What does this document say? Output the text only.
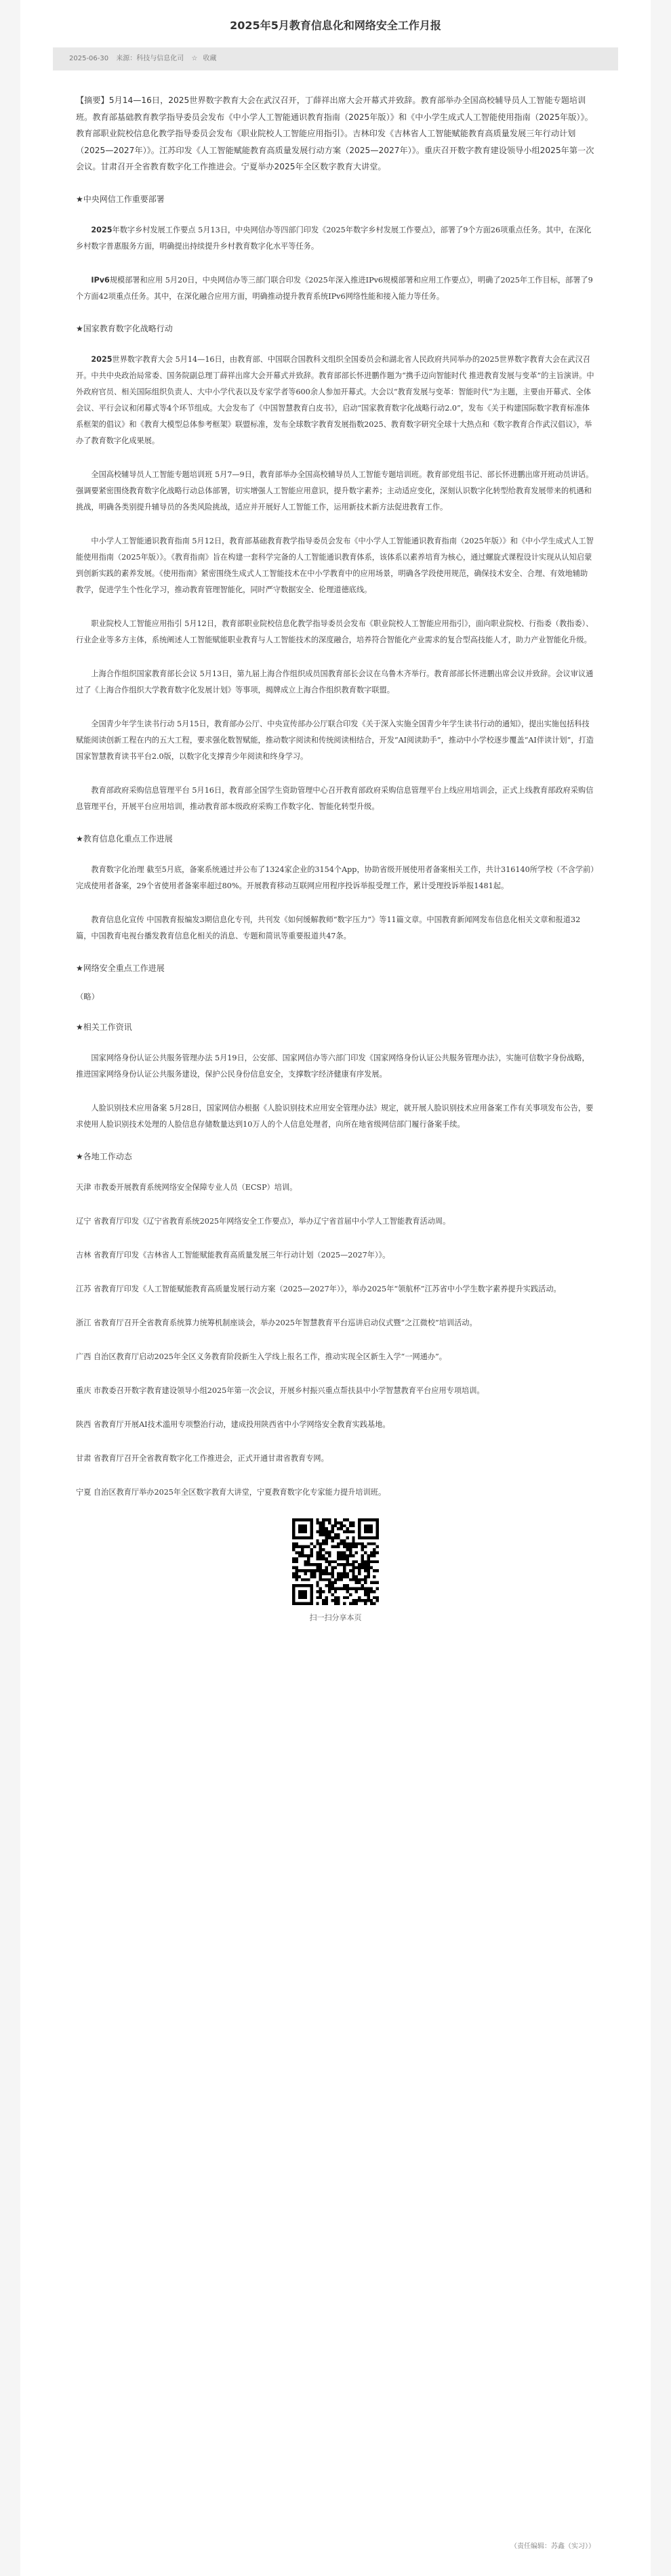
2025年5月教育信息化和网络安全工作月报
2025-06-30 来源：科技与信息化司 ☆ 收藏
【摘要】5月14—16日，2025世界数字教育大会在武汉召开，丁薛祥出席大会开幕式并致辞。教育部举办全国高校辅导员人工智能专题培训班。教育部基础教育教学指导委员会发布《中小学人工智能通识教育指南（2025年版）》和《中小学生成式人工智能使用指南（2025年版）》。教育部职业院校信息化教学指导委员会发布《职业院校人工智能应用指引》。吉林印发《吉林省人工智能赋能教育高质量发展三年行动计划（2025—2027年）》。江苏印发《人工智能赋能教育高质量发展行动方案（2025—2027年）》。重庆召开数字教育建设领导小组2025年第一次会议。甘肃召开全省教育数字化工作推进会。宁夏举办2025年全区数字教育大讲堂。
★中央网信工作重要部署

2025年数字乡村发展工作要点 5月13日，中央网信办等四部门印发《2025年数字乡村发展工作要点》，部署了9个方面26项重点任务。其中，在深化乡村数字普惠服务方面，明确提出持续提升乡村教育数字化水平等任务。

IPv6规模部署和应用 5月20日，中央网信办等三部门联合印发《2025年深入推进IPv6规模部署和应用工作要点》，明确了2025年工作目标，部署了9个方面42项重点任务。其中，在深化融合应用方面，明确推动提升教育系统IPv6网络性能和接入能力等任务。

★国家教育数字化战略行动

2025世界数字教育大会 5月14—16日，由教育部、中国联合国教科文组织全国委员会和湖北省人民政府共同举办的2025世界数字教育大会在武汉召开。中共中央政治局常委、国务院副总理丁薛祥出席大会开幕式并致辞。教育部部长怀进鹏作题为“携手迈向智能时代 推进教育发展与变革”的主旨演讲。中外政府官员、相关国际组织负责人、大中小学代表以及专家学者等600余人参加开幕式。大会以“教育发展与变革：智能时代”为主题，主要由开幕式、全体会议、平行会议和闭幕式等4个环节组成。大会发布了《中国智慧教育白皮书》，启动“国家教育数字化战略行动2.0”，发布《关于构建国际数字教育标准体系框架的倡议》和《教育大模型总体参考框架》联盟标准，发布全球数字教育发展指数2025、教育数字研究全球十大热点和《数字教育合作武汉倡议》，举办了教育数字化成果展。

全国高校辅导员人工智能专题培训班 5月7—9日，教育部举办全国高校辅导员人工智能专题培训班。教育部党组书记、部长怀进鹏出席开班动员讲话。强调要紧密围绕教育数字化战略行动总体部署，切实增强人工智能应用意识，提升数字素养；主动适应变化，深刻认识数字化转型给教育发展带来的机遇和挑战，明确各类别提升辅导员的各类风险挑战，适应并开展好人工智能工作，运用新技术新方法促进教育工作。

中小学人工智能通识教育指南 5月12日，教育部基础教育教学指导委员会发布《中小学人工智能通识教育指南（2025年版）》和《中小学生成式人工智能使用指南（2025年版）》。《教育指南》旨在构建一套科学完备的人工智能通识教育体系，该体系以素养培育为核心，通过螺旋式课程设计实现从认知启蒙到创新实践的素养发展。《使用指南》紧密围绕生成式人工智能技术在中小学教育中的应用场景，明确各学段使用规范，确保技术安全、合理、有效地辅助教学，促进学生个性化学习，推动教育管理智能化，同时严守数据安全、伦理道德底线。

职业院校人工智能应用指引 5月12日，教育部职业院校信息化教学指导委员会发布《职业院校人工智能应用指引》，面向职业院校、行指委（教指委）、行业企业等多方主体，系统阐述人工智能赋能职业教育与人工智能技术的深度融合，培养符合智能化产业需求的复合型高技能人才，助力产业智能化升级。

上海合作组织国家教育部长会议 5月13日，第九届上海合作组织成员国教育部长会议在乌鲁木齐举行。教育部部长怀进鹏出席会议并致辞。会议审议通过了《上海合作组织大学教育数字化发展计划》等事项，揭牌成立上海合作组织教育数字联盟。

全国青少年学生读书行动 5月15日，教育部办公厅、中央宣传部办公厅联合印发《关于深入实施全国青少年学生读书行动的通知》，提出实施包括科技赋能阅读创新工程在内的五大工程，要求强化数智赋能，推动数字阅读和传统阅读相结合，开发“AI阅读助手”，推动中小学校逐步覆盖“AI伴读计划”，打造国家智慧教育读书平台2.0版，以数字化支撑青少年阅读和终身学习。

教育部政府采购信息管理平台 5月16日，教育部全国学生资助管理中心召开教育部政府采购信息管理平台上线应用培训会，正式上线教育部政府采购信息管理平台，开展平台应用培训，推动教育部本级政府采购工作数字化、智能化转型升级。

★教育信息化重点工作进展

教育数字化治理 截至5月底，备案系统通过并公布了1324家企业的3154个App，协助省级开展使用者备案相关工作，共计316140所学校（不含学前）完成使用者备案，29个省使用者备案率超过80%。开展教育移动互联网应用程序投诉举报受理工作，累计受理投诉举报1481起。

教育信息化宣传 中国教育报编发3期信息化专刊，共刊发《如何缓解教师“数字压力”》等11篇文章。中国教育新闻网发布信息化相关文章和报道32篇，中国教育电视台播发教育信息化相关的消息、专题和简讯等重要报道共47条。

★网络安全重点工作进展

（略）

★相关工作资讯

国家网络身份认证公共服务管理办法 5月19日，公安部、国家网信办等六部门印发《国家网络身份认证公共服务管理办法》，实施可信数字身份战略，推进国家网络身份认证公共服务建设，保护公民身份信息安全，支撑数字经济健康有序发展。

人脸识别技术应用备案 5月28日，国家网信办根据《人脸识别技术应用安全管理办法》规定，就开展人脸识别技术应用备案工作有关事项发布公告，要求使用人脸识别技术处理的人脸信息存储数量达到10万人的个人信息处理者，向所在地省级网信部门履行备案手续。

★各地工作动态

天津 市教委开展教育系统网络安全保障专业人员（ECSP）培训。

辽宁 省教育厅印发《辽宁省教育系统2025年网络安全工作要点》，举办辽宁省首届中小学人工智能教育活动周。

吉林 省教育厅印发《吉林省人工智能赋能教育高质量发展三年行动计划（2025—2027年）》。

江苏 省教育厅印发《人工智能赋能教育高质量发展行动方案（2025—2027年）》，举办2025年“领航杯”江苏省中小学生数字素养提升实践活动。

浙江 省教育厅召开全省教育系统算力统筹机制座谈会，举办2025年智慧教育平台巡讲启动仪式暨“之江微校”培训活动。

广西 自治区教育厅启动2025年全区义务教育阶段新生入学线上报名工作，推动实现全区新生入学“一网通办”。

重庆 市教委召开数字教育建设领导小组2025年第一次会议，开展乡村振兴重点帮扶县中小学智慧教育平台应用专项培训。

陕西 省教育厅开展AI技术滥用专项整治行动，建成投用陕西省中小学网络安全教育实践基地。

甘肃 省教育厅召开全省教育数字化工作推进会，正式开通甘肃省教育专网。

宁夏 自治区教育厅举办2025年全区数字教育大讲堂，宁夏教育数字化专家能力提升培训班。

扫一扫分享本页
（责任编辑：苏鑫（实习））
